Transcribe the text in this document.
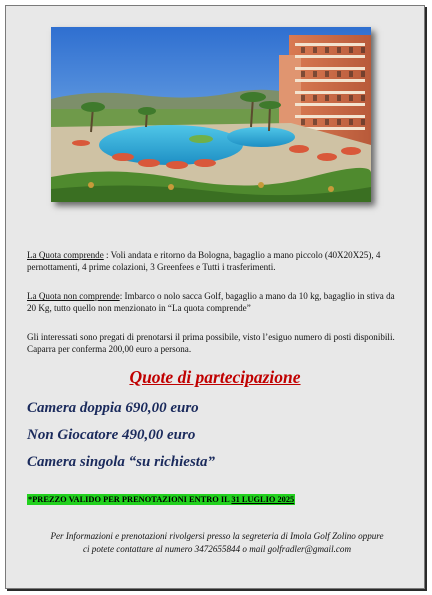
La Quota comprende : Voli andata e ritorno da Bologna, bagaglio a mano piccolo (40X20X25), 4 pernottamenti, 4 prime colazioni, 3 Greenfees e Tutti i trasferimenti.
La Quota non comprende: Imbarco o nolo sacca Golf, bagaglio a mano da 10 kg, bagaglio in stiva da 20 Kg, tutto quello non menzionato in “La quota comprende”
Gli interessati sono pregati di prenotarsi il prima possibile, visto l’esiguo numero di posti disponibili. Caparra per conferma 200,00 euro a persona.
Quote di partecipazione
Camera doppia 690,00 euro
Non Giocatore 490,00 euro
Camera singola “su richiesta”
*PREZZO VALIDO PER PRENOTAZIONI ENTRO IL 31 LUGLIO 2025
Per Informazioni e prenotazioni rivolgersi presso la segreteria di Imola Golf Zolino oppure
ci potete contattare al numero 3472655844 o mail golfradler@gmail.com
